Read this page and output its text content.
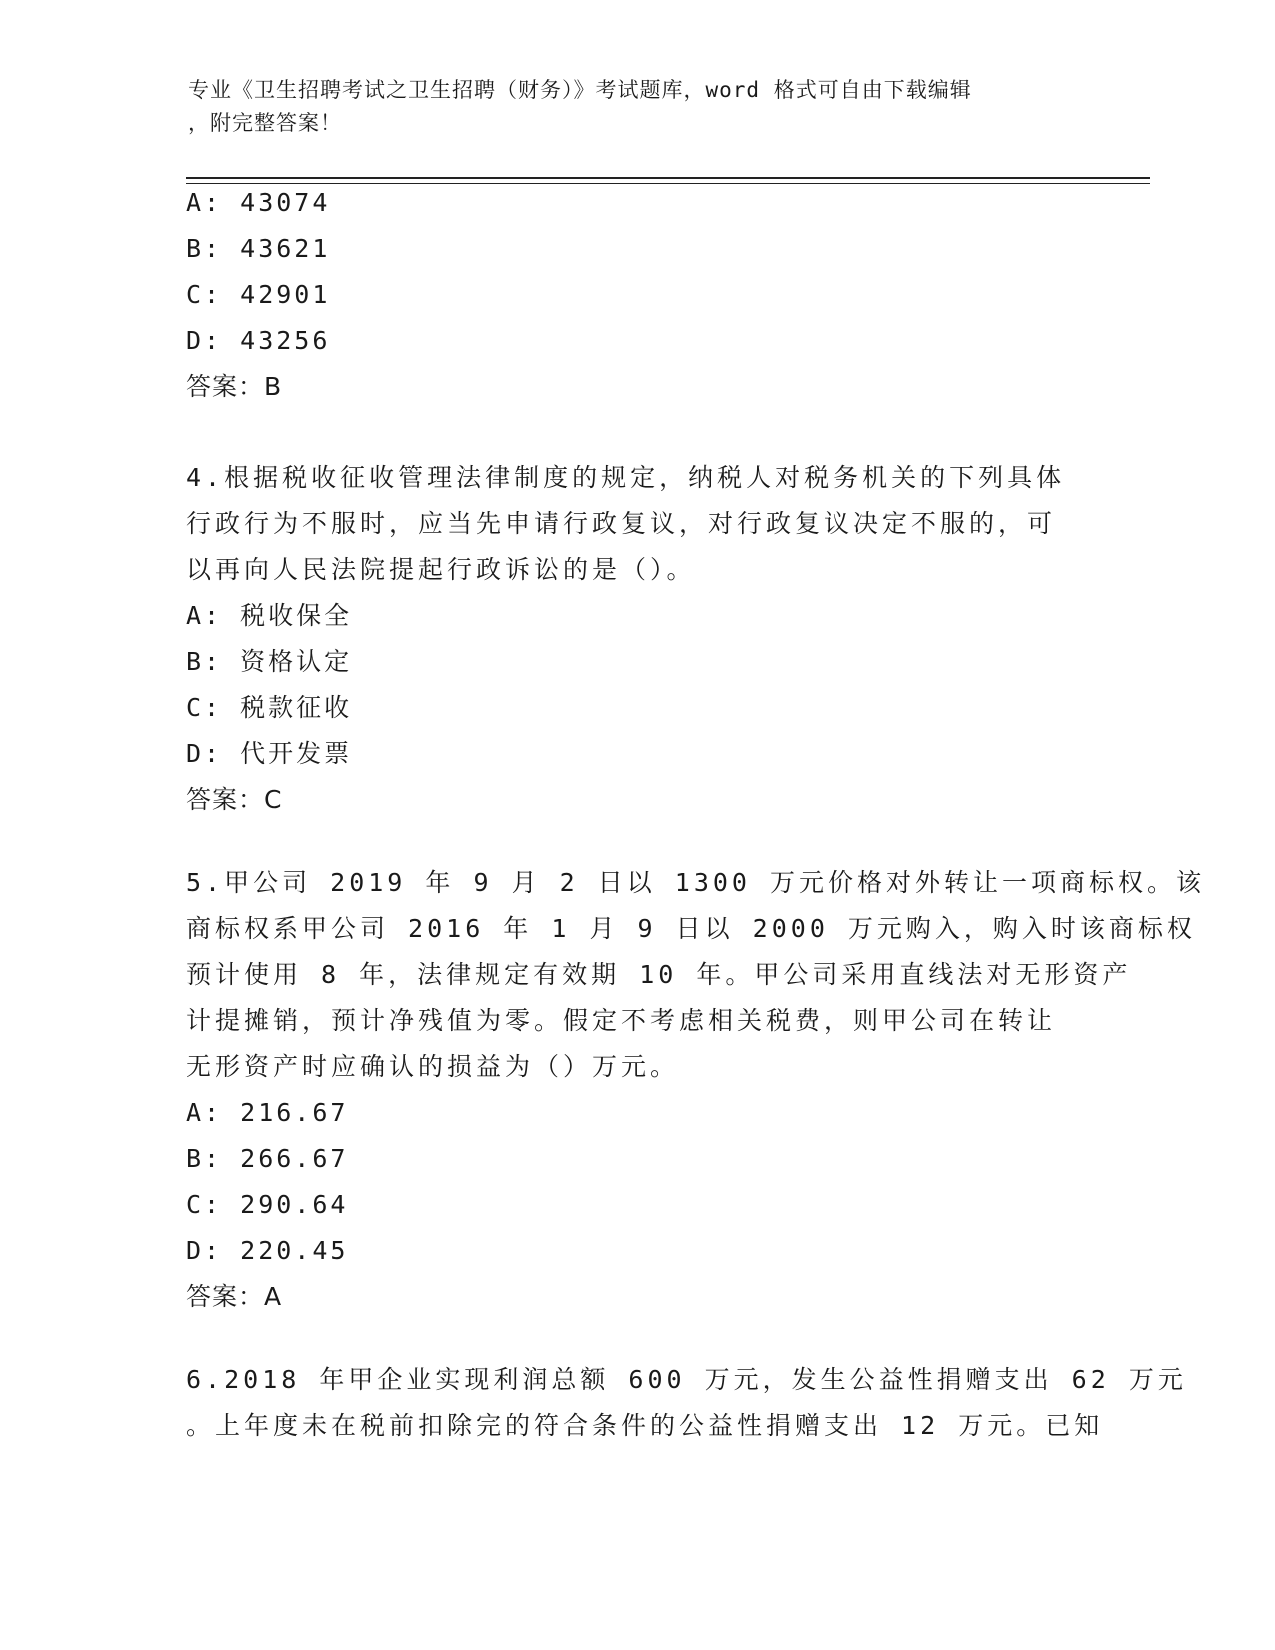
专业《卫生招聘考试之卫生招聘（财务）》考试题库，word 格式可自由下载编辑
，附完整答案！

A: 43074

B: 43621

C: 42901

D: 43256

答案：B

4.根据税收征收管理法律制度的规定，纳税人对税务机关的下列具体

行政行为不服时，应当先申请行政复议，对行政复议决定不服的，可

以再向人民法院提起行政诉讼的是（）。

A: 税收保全

B: 资格认定

C: 税款征收

D: 代开发票

答案：C

5.甲公司 2019 年 9 月 2 日以 1300 万元价格对外转让一项商标权。该

商标权系甲公司 2016 年 1 月 9 日以 2000 万元购入，购入时该商标权

预计使用 8 年，法律规定有效期 10 年。甲公司采用直线法对无形资产

计提摊销，预计净残值为零。假定不考虑相关税费，则甲公司在转让

无形资产时应确认的损益为（）万元。

A: 216.67

B: 266.67

C: 290.64

D: 220.45

答案：A

6.2018 年甲企业实现利润总额 600 万元，发生公益性捐赠支出 62 万元

。上年度未在税前扣除完的符合条件的公益性捐赠支出 12 万元。已知
